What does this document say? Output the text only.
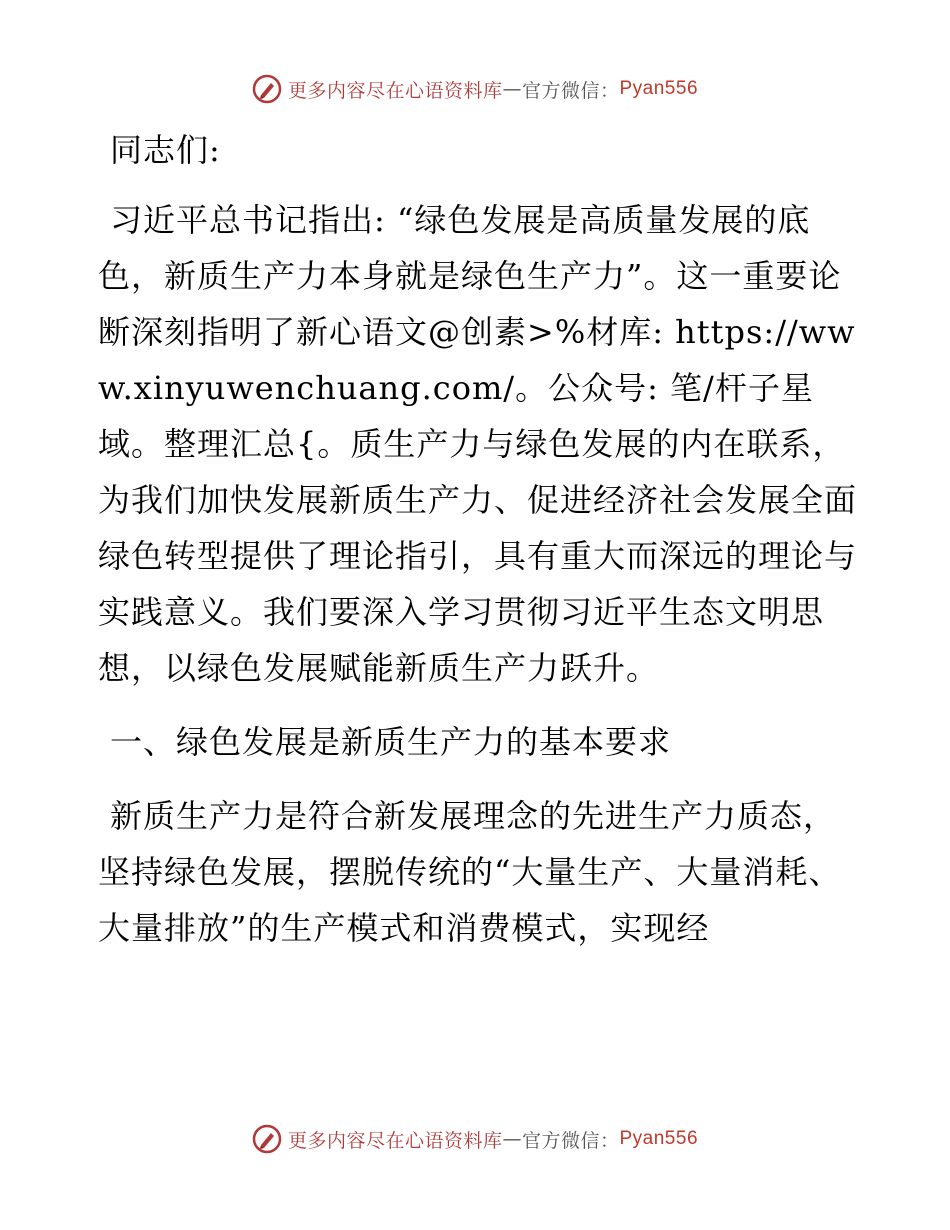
更多内容尽在心语资料库 — 官方微信： Pyan556

同志们:

习近平总书记指出: “绿色发展是高质量发展的底色，新质生产力本身就是绿色生产力”。这一重要论断深刻指明了新心语文@创素>%材库: https://www.xinyuwenchuang.com/。公众号: 笔/杆子星域。整理汇总{。质生产力与绿色发展的内在联系，为我们加快发展新质生产力、促进经济社会发展全面绿色转型提供了理论指引，具有重大而深远的理论与实践意义。我们要深入学习贯彻习近平生态文明思想，以绿色发展赋能新质生产力跃升。

一、绿色发展是新质生产力的基本要求

新质生产力是符合新发展理念的先进生产力质态，坚持绿色发展，摆脱传统的“大量生产、大量消耗、大量排放”的生产模式和消费模式，实现经

更多内容尽在心语资料库 — 官方微信： Pyan556
